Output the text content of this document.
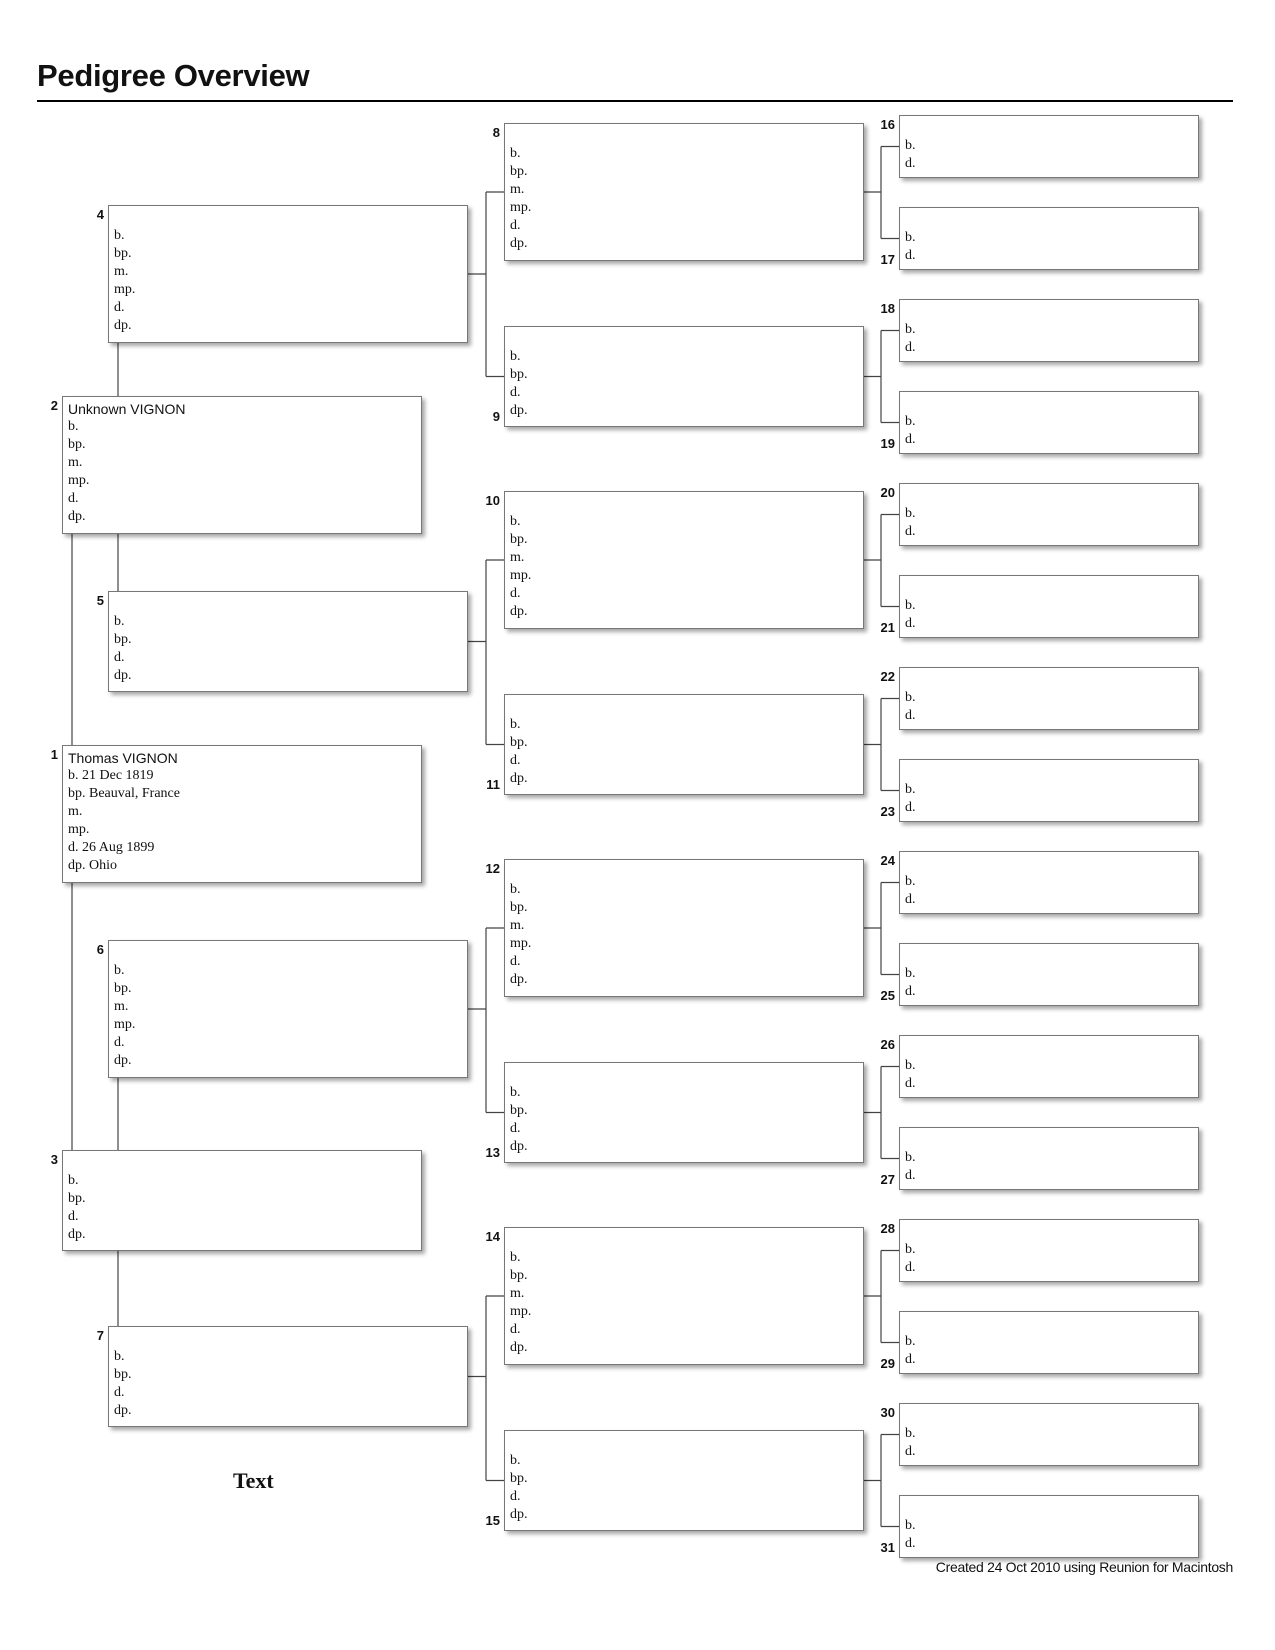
Pedigree Overview
Thomas VIGNON
b. 21 Dec 1819
bp. Beauval, France
m.
mp.
d. 26 Aug 1899
dp. Ohio
1
Unknown VIGNON
b.
bp.
m.
mp.
d.
dp.
2
b.
bp.
d.
dp.
3
b.
bp.
m.
mp.
d.
dp.
4
b.
bp.
d.
dp.
5
b.
bp.
m.
mp.
d.
dp.
6
b.
bp.
d.
dp.
7
b.
bp.
m.
mp.
d.
dp.
8
b.
bp.
d.
dp.
9
b.
bp.
m.
mp.
d.
dp.
10
b.
bp.
d.
dp.
11
b.
bp.
m.
mp.
d.
dp.
12
b.
bp.
d.
dp.
13
b.
bp.
m.
mp.
d.
dp.
14
b.
bp.
d.
dp.
15
b.
d.
16
b.
d.
17
b.
d.
18
b.
d.
19
b.
d.
20
b.
d.
21
b.
d.
22
b.
d.
23
b.
d.
24
b.
d.
25
b.
d.
26
b.
d.
27
b.
d.
28
b.
d.
29
b.
d.
30
b.
d.
31
Text
Created 24 Oct 2010 using Reunion for Macintosh
